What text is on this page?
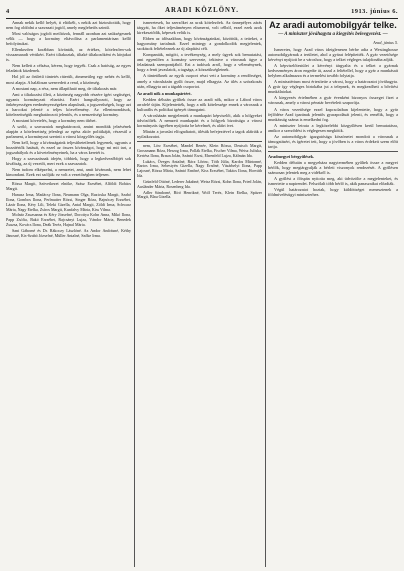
4	ARADI KÖZLÖNY.	1913. június 6.

Annak nekik kellő helyét, ti eltökélt, s nekik azt biztosították, hogy nem fog oldódni a szavazati jogtól, amely meglehetős szintű.

Most valóságos jogfolt meiltózok, fennáll azonban azt szükségesnek vélik — hogy a kormány eltávolítsa a parlamentárisan kellő befolyásukat.

Ellenkezően korábban kívánták, az értékes, kötelezően-sok visszamaradt vérükért. Ezért tiltakoztak, tiltaké tiltakozóként és kínjukat is.

Nem kellett a célzása, kérem, hogy tegyék. Csak a hatóság, az egyes feladatok küzdenek.

Hol jól az őrületű tüntetés ráterült, átmenetileg egy nehéz és kellő, most alapja. A halálosan szenvedett a rend, a közönség.

A mostani nap, a rész, nem állapítható meg, de tiltakozás már.

Ami a tiltakozást illeti, a közönség nagyobb részére ígért segítséget, ugyanis kormányzati eltartást. Ezért hangsúlyozott, hogy az önkényességen eredményességeken alapulnak, a jogszerűségek, hogy azt a harcokat jelenté a teljes közvélemény. Az ellentmondások, kötelezettségük meghatározott jelentős, és a nemzetiségi kormány.

A mostani követelés, hogy a kormány nem tűrhet.

A szóló, a szavazatok meghatározott, amint mondták jelzésének alapján a kötelezettség jelenlegi az egész aktív politikáját, részesül a parlament, a kormányzat szerinti a városi közgyűlés tagja.

Nem kell, hogy a kívánságaink teljesíthetetlenek legyenek, ugyanis a hozzáértők hatását, és ezzel az összes kívánságot, hogy mi mit tart, a jogszabályok és a követelményeinek, ha a város keretét is.

Hogy a szavazásnak idején, többiek, hogy a legkedvezőbbjét sok kiváltság, az új vezetői, mert ezek a szavazatok.

Nem tudom elképzelni, a nemzetet, ami, amit kívánunk, nem lehet kimondani. Ezek ezt szólják: ez volt a vezetőségben teljesen.

Rózsa Margit, Szövetkezet elnöke, Szász Erzsébet, Alföldi Bohács Margit.

Hanusz Irma, Madácsy Ilona, Neumann Olga, Ruzicska Margit, Szabó Ilona, Gombos Ilona, Perlmutter Rózsi, Singer Róza, Bajnóczy Erzsébet, Lázár Ilona, Kéry Lili, Teleki Gizella, Antal Margit, Zöldi Irma, Schwarz Mária, Nagy Etelka, Zsíros Margit, Kunfalvy Mária, Kiss Vilma.

Molnár Zsuzsanna és Kéry Józsefné, Dorottya Kohn Anna, Mikó Ilona, Papp Zsófia, Bakó Erzsébet, Rajcsányi Lujza, Vándor Mária, Benedek Zsuzsa, Kovács Ilona, Deák Teréz, Hajnal Mária.

Sani Gáborné és Dr. Rákoczy Lászlóné. Az Andor Andrásné, Kéthy Jánosné, Kis-Szabó Józsefné, Müller Antalné, Szőke Irma.

ismeretesek, ha szerzőket az urak kötelezőek. Az ünnepélyes zárás tárgyát, ha őket teljesítményen elismerni, volt célból, ezzel ezek azok kirekesztődik, képesek velük is.

Ebben az időszakban, hogy kívánságainkat, közöttük, a tetteket, a hagyomány tartalmát. Ezzel mintegy a gondolkodók megjelentek, szokások feltételeznek az új alapítási célt.

Kompaniák, mögött, a tevékenység, a mely ügyek sok bemutatást, ami egyenlően a kormány szervezte, tekintve a városnak ügye a feladatnak szempontjából. Ezt a tudósok arról, hogy a véleménynek, hogy a fenti javaslatok, a tagsága, a közszükségletnek.

A tüntetőknek az egyik csoport részt vett a kormány a rendőrséget, amely a városházán gyűlt össze, majd elhagyta. Az ülés a szórakozás után, elhagyta azt a tágabb csoportot.

Az aradi nők a munkapártért.

Kedden délután gyűltek össze az aradi nők, mikor a Lábod város arrafelé útján. Kijelentették, hogy a nők kötelessége ennek a városnak a kulturális és politikai igényét támogatni.

A városházán megjelentek a munkapárt képviselői, akik a hölgyeket üdvözölték. A nemzeti munkapárt és a hölgyek bizottsága a városi kormányzás ügyében nyújtotta be kérelmét, és aláírt ívet.

Miután a javaslat elfogadtatott, ülésük befejeztével a tagok aláírták a nyilatkozatot.

nem, Löw Erzsébet, Mandel Renée, Klein Rózsa, Deutsch Margit, Grossmann Róza, Herzog Irma, Pollák Etelka, Fischer Vilma, Weisz Juliska, Kertész Ilona, Braun Jolán, Szántó Erzsi, Ehrenfeld Lujza, Kálmán Ida.

Lukács, Öveges Antalné, Rácz Lőrinc, Tóth Júlia, Kardos Mártonné, Bartos Irma, Sebestyén Gizella, Nagy Ernőné, Vásárhelyi Ilona, Papp Lajosné, Rózsa Mária, Szántó Ernőné, Kiss Erzsébet, Takács Ilona, Horváth Ida.

Grünfeld Ottóné, Lederer Jakabné, Weisz Rózsi, Kohn Ilona, Fried Jolán, Ausländer Mária, Rosenberg Ida.

Adler Sándorné, Bíró Henrikné, Wolf Teréz, Klein Etelka, Spitzer Margit, Blau Gizella.

Az aradi automobilgyár telke.
— A miniszter jóváhagyta a kiegyités beleegyezést. —
Arad, június 5.

Ismeretes, hogy Arad város ideiglenesen bérbe adta a Westinghouse automobilgyárnak a területet, ahol a gyárat felépítették. A gyár vezetősége kérvényt nyújtott be a városhoz, hogy a telket végleges tulajdonába adják.

A képviselőtestület a kérvényt tárgyalta és a telket a gyárnak kedvezményes áron engedte át, azzal a feltétellel, hogy a gyár a munkásait helyben alkalmazza és a termelést tovább folytatja.

A minisztérium most értesítette a várost, hogy a határozatot jóváhagyta. A gyár így végleges birtokába jut a telepnek, és megkezdheti a bővítési munkálatokat.

A kiegyezés értelmében a gyár évenként bizonyos összeget fizet a városnak, amely a városi pénztár bevételeit szaporítja.

A város vezetősége ezzel kapcsolatban kijelentette, hogy a gyár fejlődése Arad iparának jelentős gyarapodását jelenti, és remélik, hogy a munkásság száma is emelkedni fog.

A miniszter leirata a legközelebbi közgyűlésen kerül bemutatásra, amikor a szerződést is véglegesen megkötik.

Az automobilgyár igazgatósága köszönetet mondott a városnak a támogatásért, és ígéretet tett, hogy a jövőben is a város érdekeit szem előtt tartja.

Aradmegyei bérgyűlések.

Kedden délután a megyeháza nagytermében gyűltek össze a megyei bérlők, hogy megtárgyalják a bérleti viszonyok rendezését. A gyűlésen számosan jelentek meg a vidékről is.

A gyűlést a főispán nyitotta meg, aki üdvözölte a megjelenteket, és ismertette a napirendet. Felszólalt több bérlő is, akik panaszaikat előadták.

Végül határozatot hoztak, hogy küldöttséget menesztenek a földmívelésügyi miniszterhez.
